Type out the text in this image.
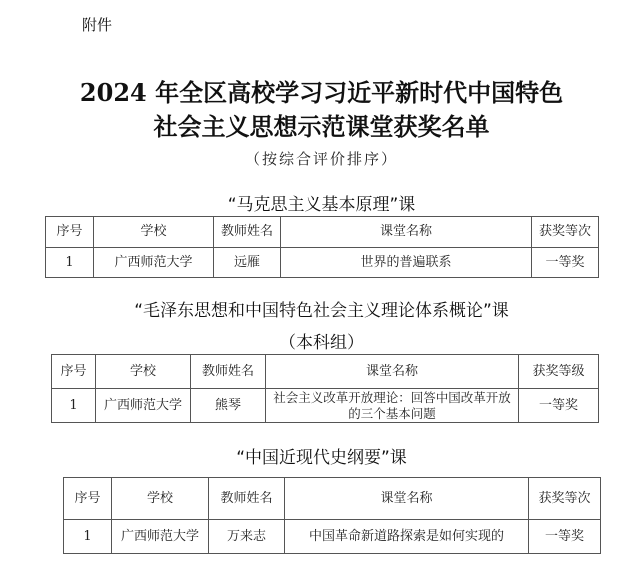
附件
2024 年全区高校学习习近平新时代中国特色
社会主义思想示范课堂获奖名单
（按综合评价排序）
“马克思主义基本原理”课
序号	学校	教师姓名	课堂名称	获奖等次
1	广西师范大学	远雁	世界的普遍联系	一等奖
“毛泽东思想和中国特色社会主义理论体系概论”课
（本科组）
序号	学校	教师姓名	课堂名称	获奖等级
1	广西师范大学	熊琴	社会主义改革开放理论：回答中国改革开放的三个基本问题	一等奖
“中国近现代史纲要”课
序号	学校	教师姓名	课堂名称	获奖等次
1	广西师范大学	万来志	中国革命新道路探索是如何实现的	一等奖
